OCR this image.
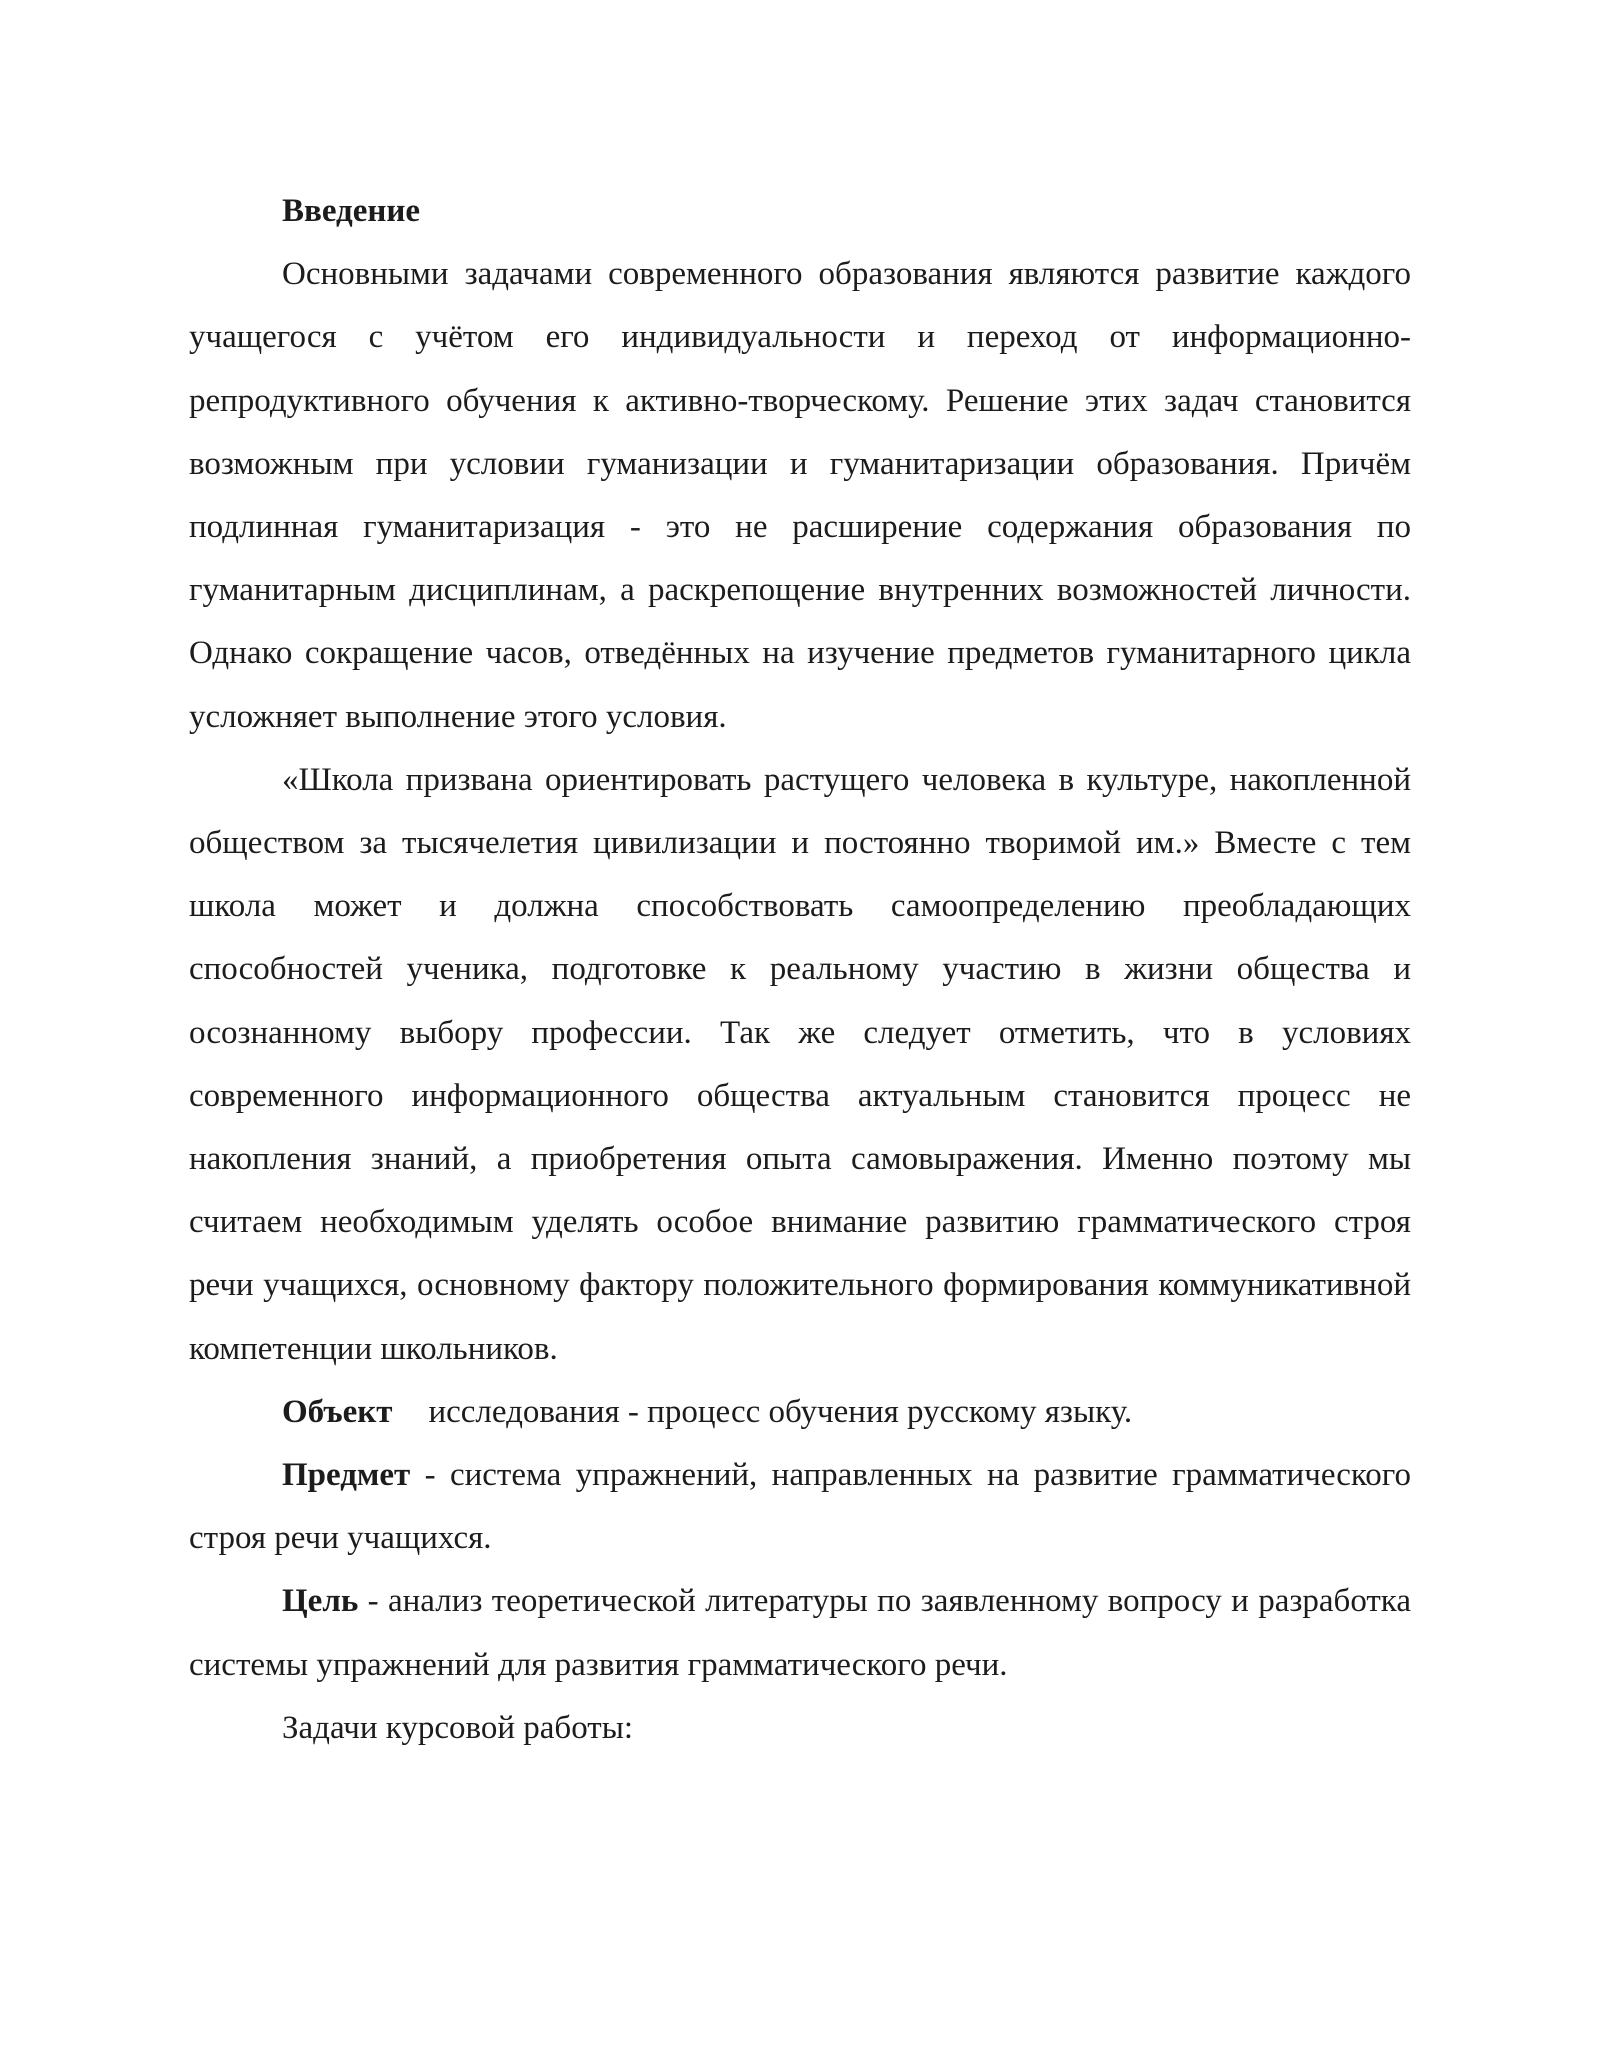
Введение

Основными задачами современного образования являются развитие каждого учащегося с учётом его индивидуальности и переход от информационно-репродуктивного обучения к активно-творческому. Решение этих задач становится возможным при условии гуманизации и гуманитаризации образования. Причём подлинная гуманитаризация - это не расширение содержания образования по гуманитарным дисциплинам, а раскрепощение внутренних возможностей личности. Однако сокращение часов, отведённых на изучение предметов гуманитарного цикла усложняет выполнение этого условия.

«Школа призвана ориентировать растущего человека в культуре, накопленной обществом за тысячелетия цивилизации и постоянно творимой им.» Вместе с тем школа может и должна способствовать самоопределению преобладающих способностей ученика, подготовке к реальному участию в жизни общества и осознанному выбору профессии. Так же следует отметить, что в условиях современного информационного общества актуальным становится процесс не накопления знаний, а приобретения опыта самовыражения. Именно поэтому мы считаем необходимым уделять особое внимание развитию грамматического строя речи учащихся, основному фактору положительного формирования коммуникативной компетенции школьников.

Объект исследования - процесс обучения русскому языку.

Предмет - система упражнений, направленных на развитие грамматического строя речи учащихся.

Цель - анализ теоретической литературы по заявленному вопросу и разработка системы упражнений для развития грамматического речи.

Задачи курсовой работы:
